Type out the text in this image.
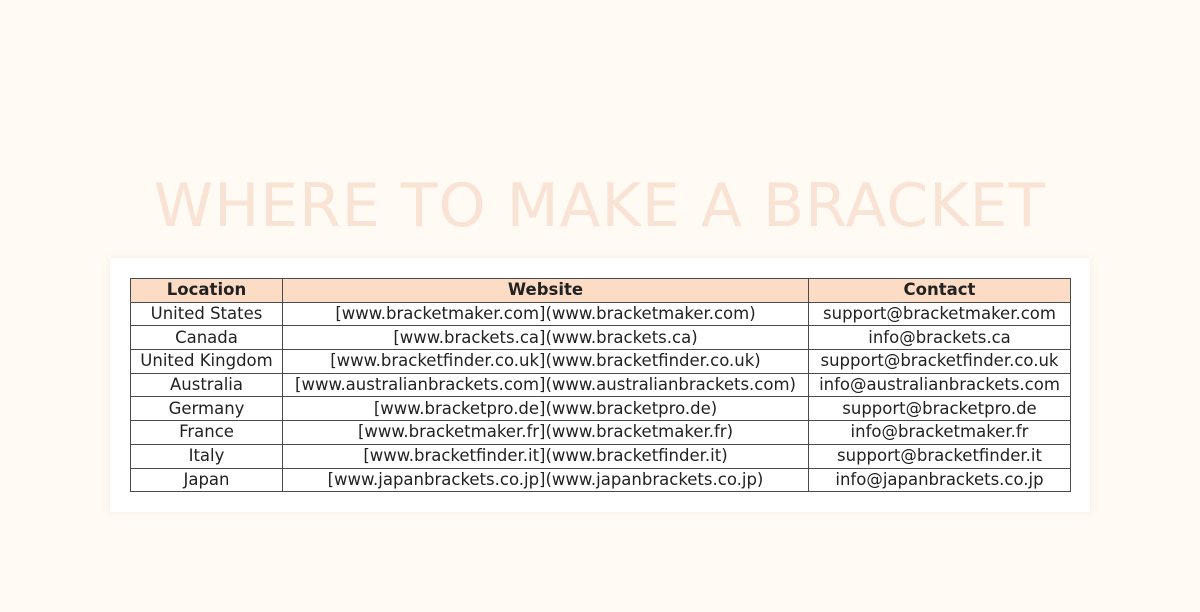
WHERE TO MAKE A BRACKET
Location	Website	Contact
United States	[www.bracketmaker.com](www.bracketmaker.com)	support@bracketmaker.com
Canada	[www.brackets.ca](www.brackets.ca)	info@brackets.ca
United Kingdom	[www.bracketfinder.co.uk](www.bracketfinder.co.uk)	support@bracketfinder.co.uk
Australia	[www.australianbrackets.com](www.australianbrackets.com)	info@australianbrackets.com
Germany	[www.bracketpro.de](www.bracketpro.de)	support@bracketpro.de
France	[www.bracketmaker.fr](www.bracketmaker.fr)	info@bracketmaker.fr
Italy	[www.bracketfinder.it](www.bracketfinder.it)	support@bracketfinder.it
Japan	[www.japanbrackets.co.jp](www.japanbrackets.co.jp)	info@japanbrackets.co.jp
